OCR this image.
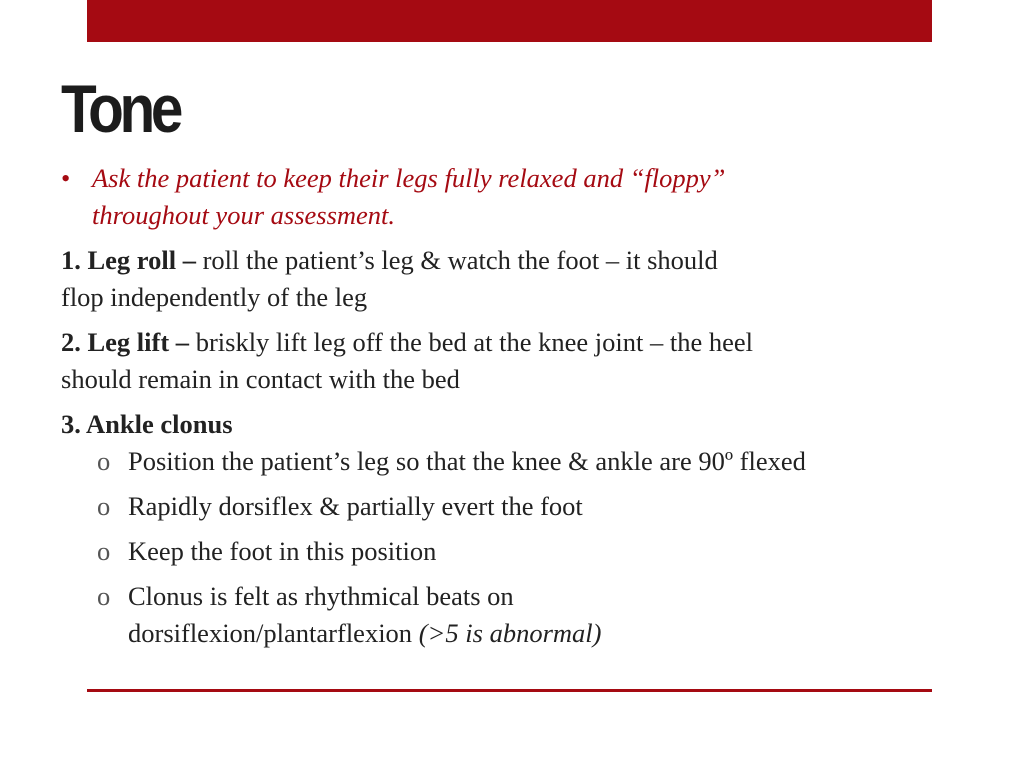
Tone
• Ask the patient to keep their legs fully relaxed and “floppy”
throughout your assessment.
1. Leg roll – roll the patient’s leg & watch the foot – it should
flop independently of the leg
2. Leg lift – briskly lift leg off the bed at the knee joint – the heel
should remain in contact with the bed
3. Ankle clonus
o Position the patient’s leg so that the knee & ankle are 90º flexed
o Rapidly dorsiflex & partially evert the foot
o Keep the foot in this position
o Clonus is felt as rhythmical beats on
dorsiflexion/plantarflexion (>5 is abnormal)
